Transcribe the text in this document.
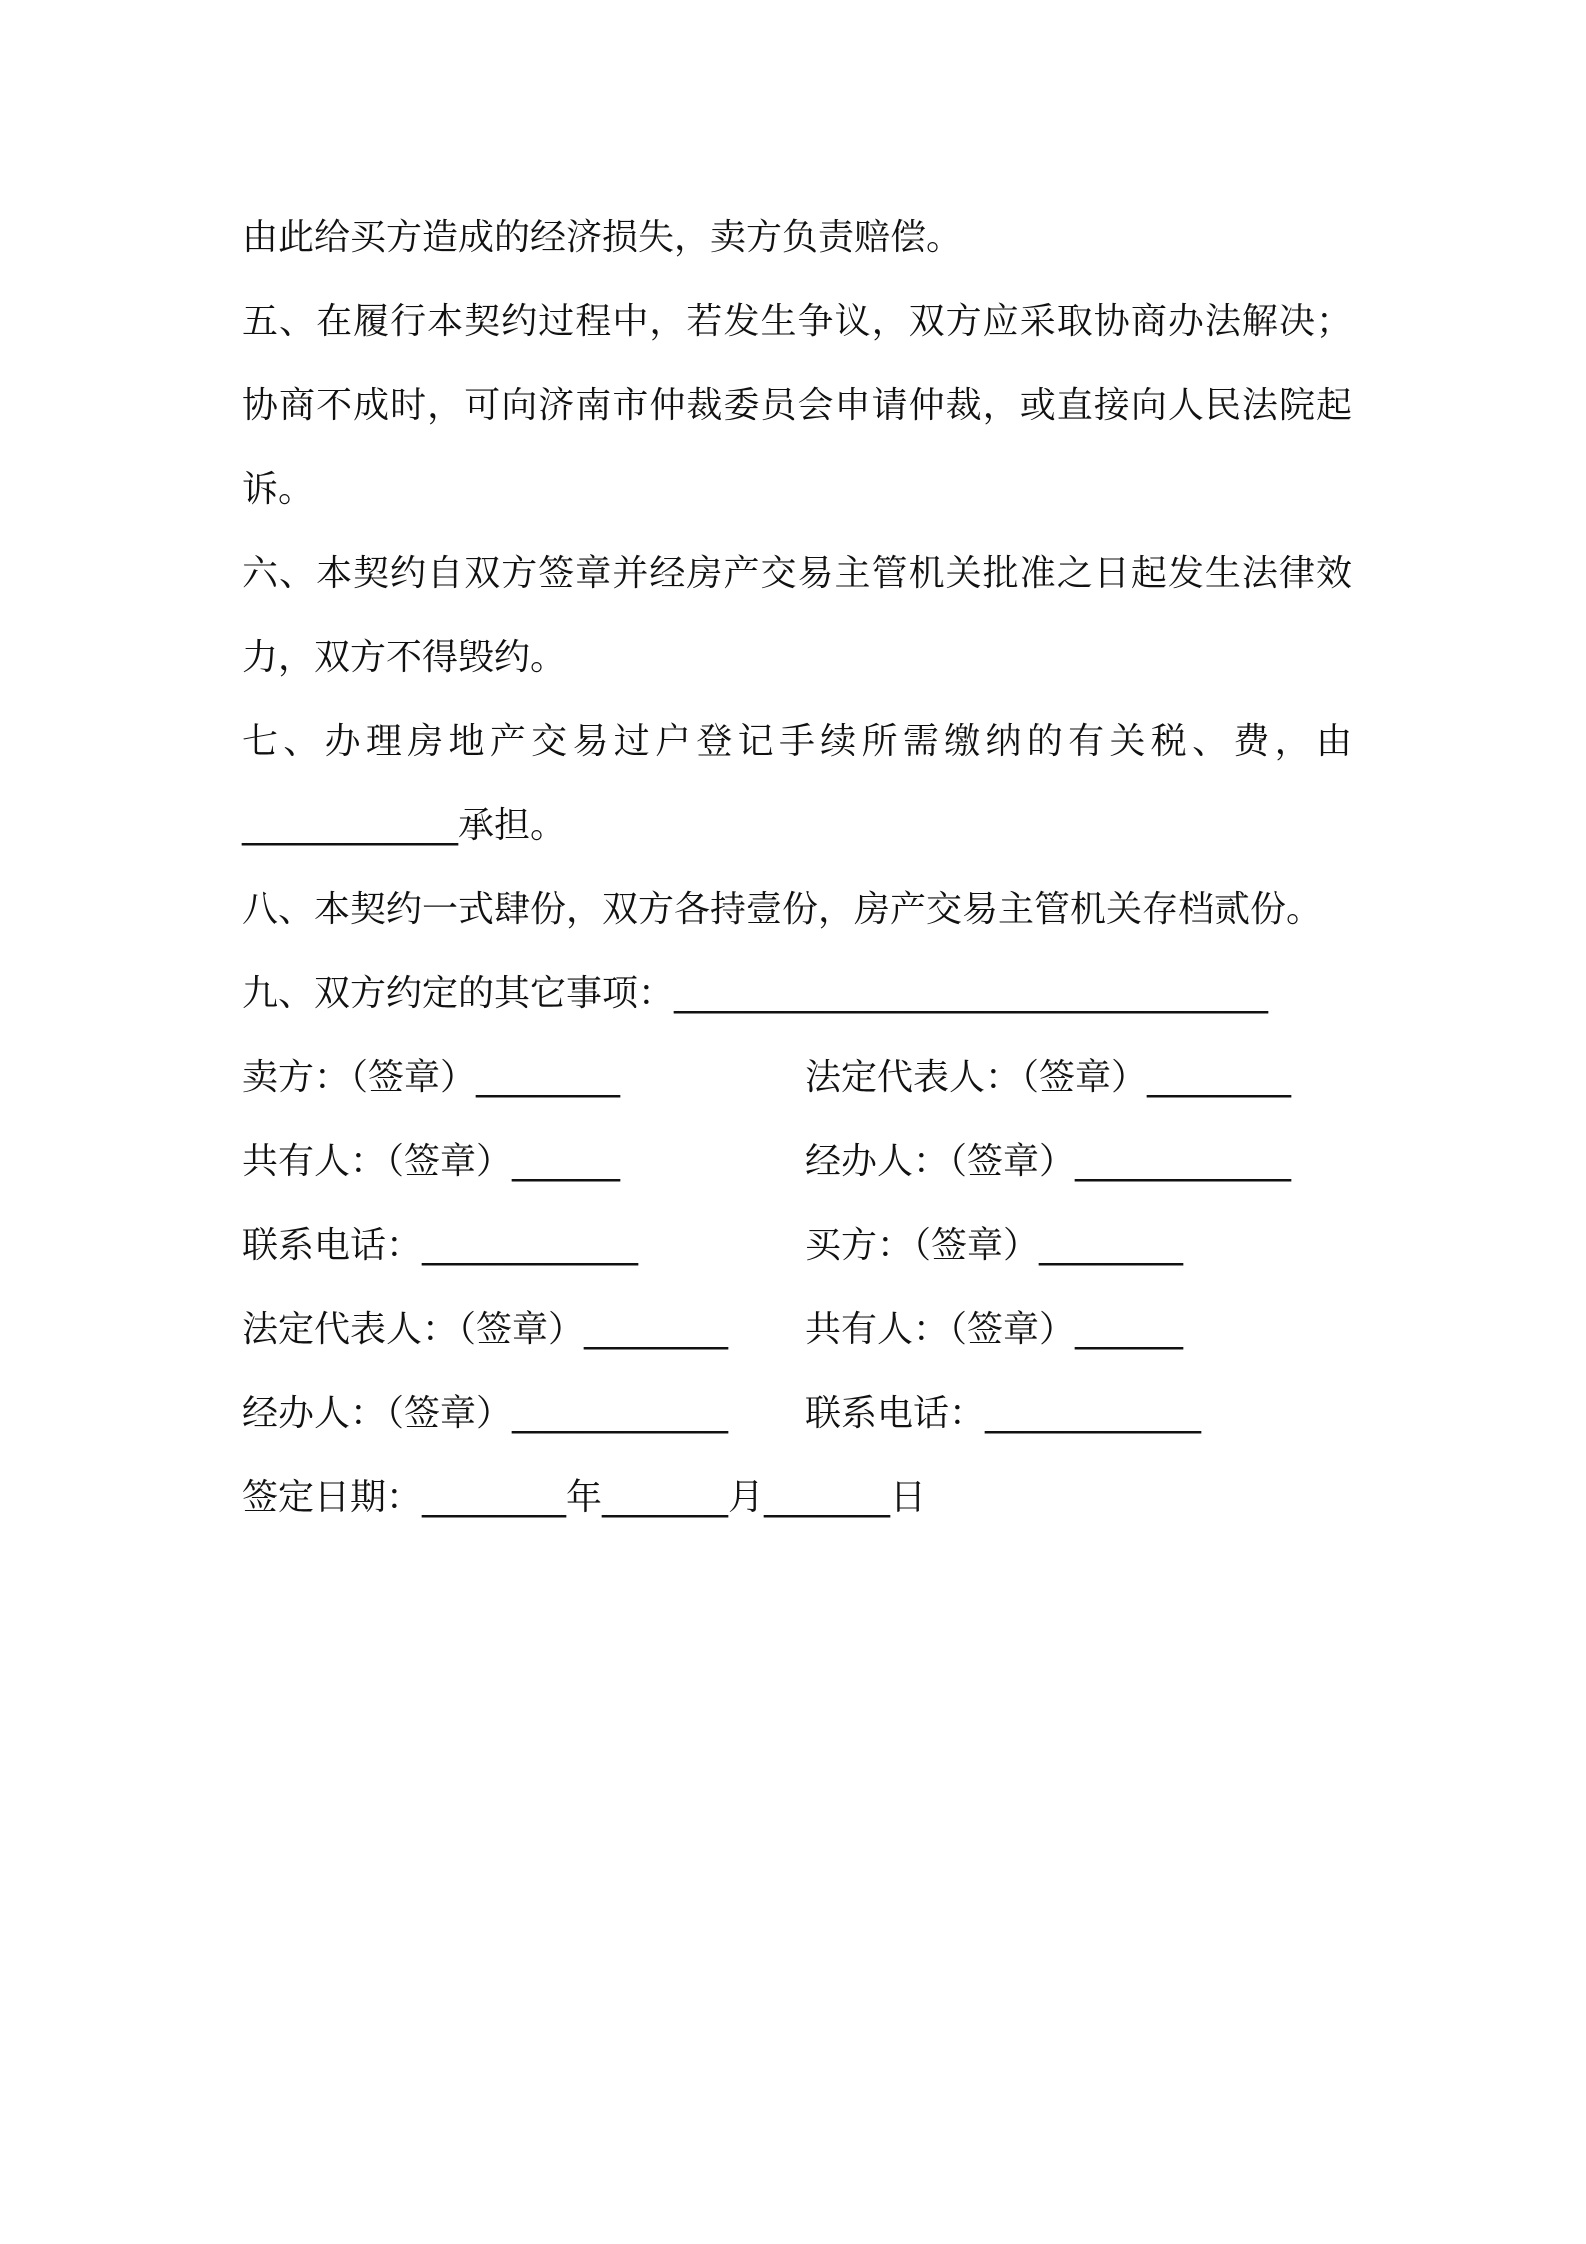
由此给买方造成的经济损失，卖方负责赔偿。
五、在履行本契约过程中，若发生争议，双方应采取协商办法解决；
协商不成时，可向济南市仲裁委员会申请仲裁，或直接向人民法院起
诉。
六、本契约自双方签章并经房产交易主管机关批准之日起发生法律效
力，双方不得毁约。
七、办理房地产交易过户登记手续所需缴纳的有关税、费，由
____________承担。
八、本契约一式肆份，双方各持壹份，房产交易主管机关存档贰份。
九、双方约定的其它事项：_________________________________
卖方：（签章）________	法定代表人：（签章）________
共有人：（签章）______	经办人：（签章）____________
联系电话：____________	买方：（签章）________
法定代表人：（签章）________	共有人：（签章）______
经办人：（签章）____________	联系电话：____________
签定日期：________年_______月_______日
